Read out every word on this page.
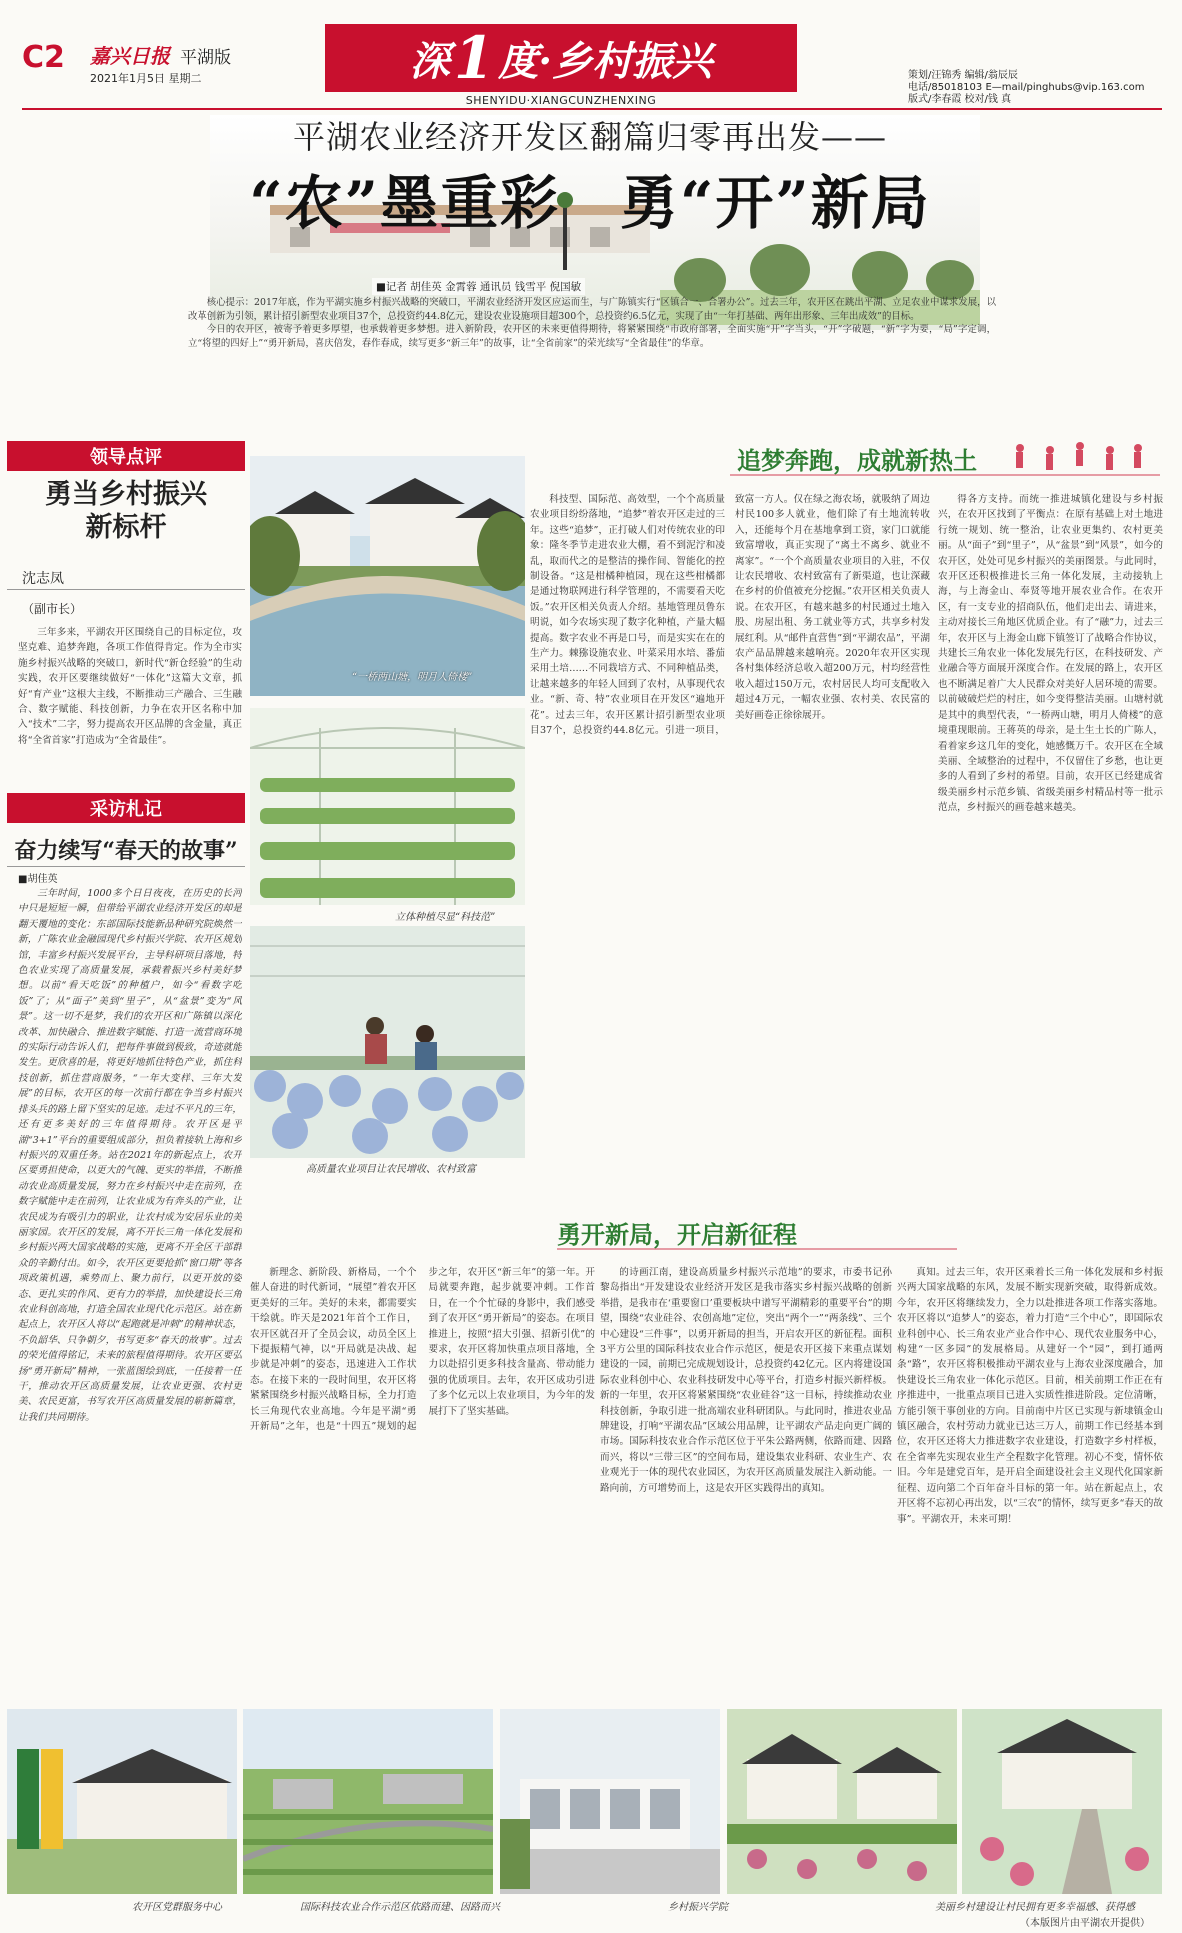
C2 嘉兴日报 平湖版
2021年1月5日 星期二	深 1 度·乡村振兴
SHENYIDU·XIANGCUNZHENXING
策划/汪锦秀 编辑/翁辰辰
电话/85018103 E—mail/pinghubs@vip.163.com
版式/李春霞 校对/钱 真
平湖农业经济开发区翻篇归零再出发——
“农”墨重彩　勇“开”新局
■记者 胡佳英 金霄蓉 通讯员 钱雪平 倪国敏

核心提示：2017年底，作为平湖实施乡村振兴战略的突破口，平湖农业经济开发区应运而生，与广陈镇实行“区镇合一、合署办公”。过去三年，农开区在跳出平湖、立足农业中谋求发展，以改革创新为引领，累计招引新型农业项目37个，总投资约44.8亿元，建设农业设施项目超300个，总投资约6.5亿元，实现了由“一年打基础、两年出形象、三年出成效”的目标。

今日的农开区，被寄予着更多厚望，也承载着更多梦想。进入新阶段，农开区的未来更值得期待，将紧紧围绕“市政府部署，全面实施“开”字当头，“开”字破题，“新”字为要，“局”字定调，立“将望的四好上”“勇开新局，喜庆倍发，春作春成，续写更多“新三年”的故事，让“全省前家”的荣光续写“全省最佳”的华章。

领导点评
勇当乡村振兴
新标杆
沈志凤
（副市长）

三年多来，平湖农开区围绕自己的目标定位，攻坚克难、追梦奔跑，各项工作值得肯定。作为全市实施乡村振兴战略的突破口，新时代“新仓经验”的生动实践，农开区要继续做好“一体化”这篇大文章，抓好“育产业”这根大主线，不断推动三产融合、三生融合、数字赋能、科技创新，力争在农开区名称中加入“技术”二字，努力提高农开区品牌的含金量，真正将“全省首家”打造成为“全省最佳”。

采访札记
奋力续写“春天的故事”
■胡佳英

三年时间，1000多个日日夜夜，在历史的长河中只是短短一瞬，但带给平湖农业经济开发区的却是翻天覆地的变化：东部国际技能新品种研究院焕然一新，广陈农业金融园现代乡村振兴学院、农开区规划馆，丰富乡村振兴发展平台，主导科研项目落地，特色农业实现了高质量发展，承载着振兴乡村美好梦想。以前“看天吃饭”的种植户，如今“看数字吃饭”了；从“面子”美到“里子”，从“盆景”变为“风景”。这一切不是梦，我们的农开区和广陈镇以深化改革、加快融合、推进数字赋能、打造一流营商环境的实际行动告诉人们，把每件事做到极致，奇迹就能发生。更欣喜的是，将更好地抓住特色产业，抓住科技创新，抓住营商服务，“一年大变样、三年大发展”的目标，农开区的每一次前行都在争当乡村振兴排头兵的路上留下坚实的足迹。走过不平凡的三年，还有更多美好的三年值得期待。农开区是平湖“3+1”平台的重要组成部分，担负着接轨上海和乡村振兴的双重任务。站在2021年的新起点上，农开区要勇担使命，以更大的气魄、更实的举措，不断推动农业高质量发展，努力在乡村振兴中走在前列，在数字赋能中走在前列，让农业成为有奔头的产业，让农民成为有吸引力的职业，让农村成为安居乐业的美丽家园。农开区的发展，离不开长三角一体化发展和乡村振兴两大国家战略的实施，更离不开全区干部群众的辛勤付出。如今，农开区更要抢抓“窗口期”等各项政策机遇，乘势而上、聚力前行，以更开放的姿态、更扎实的作风、更有力的举措，加快建设长三角农业科创高地，打造全国农业现代化示范区。站在新起点上，农开区人将以“起跑就是冲刺”的精神状态，不负韶华、只争朝夕，书写更多“春天的故事”。过去的荣光值得铭记，未来的旅程值得期待。农开区要弘扬“勇开新局”精神，一张蓝图绘到底，一任接着一任干，推动农开区高质量发展，让农业更强、农村更美、农民更富，书写农开区高质量发展的崭新篇章，让我们共同期待。

“一桥两山塘，明月人倚楼”
立体种植尽显“科技范”
高质量农业项目让农民增收、农村致富
追梦奔跑，成就新热土

科技型、国际范、高效型，一个个高质量农业项目纷纷落地，“追梦”着农开区走过的三年。这些“追梦”，正打破人们对传统农业的印象：隆冬季节走进农业大棚，看不到泥泞和凌乱，取而代之的是整洁的操作间、智能化的控制设备。“这是柑橘种植园，现在这些柑橘都是通过物联网进行科学管理的，不需要看天吃饭。”农开区相关负责人介绍。基地管理员鲁东明说，如今农场实现了数字化种植，产量大幅提高。数字农业不再是口号，而是实实在在的生产力。棘猕设施农业、叶菜采用水培、番茄采用土培……不同栽培方式、不同种植品类，让越来越多的年轻人回到了农村，从事现代农业。“新、奇、特”农业项目在开发区“遍地开花”。过去三年，农开区累计招引新型农业项目37个，总投资约44.8亿元。引进一项目，致富一方人。仅在绿之海农场，就吸纳了周边村民100多人就业，他们除了有土地流转收入，还能每个月在基地拿到工资，家门口就能致富增收，真正实现了“离土不离乡、就业不离家”。“一个个高质量农业项目的入驻，不仅让农民增收、农村致富有了新渠道，也让深藏在乡村的价值被充分挖掘。”农开区相关负责人说。在农开区，有越来越多的村民通过土地入股、房屋出租、务工就业等方式，共享乡村发展红利。从“邮件直营售”到“平湖农品”，平湖农产品品牌越来越响亮。2020年农开区实现各村集体经济总收入超200万元，村均经营性收入超过150万元，农村居民人均可支配收入超过4万元，一幅农业强、农村美、农民富的美好画卷正徐徐展开。

得各方支持。而统一推进城镇化建设与乡村振兴，在农开区找到了平衡点：在原有基础上对土地进行统一规划、统一整治，让农业更集约、农村更美丽。从“面子”到“里子”，从“盆景”到“风景”，如今的农开区，处处可见乡村振兴的美丽图景。与此同时，农开区还积极推进长三角一体化发展，主动接轨上海，与上海金山、奉贤等地开展农业合作。在农开区，有一支专业的招商队伍，他们走出去、请进来，主动对接长三角地区优质企业。有了“融”力，过去三年，农开区与上海金山廊下镇签订了战略合作协议，共建长三角农业一体化发展先行区，在科技研发、产业融合等方面展开深度合作。在发展的路上，农开区也不断满足着广大人民群众对美好人居环境的需要。以前破破烂烂的村庄，如今变得整洁美丽。山塘村就是其中的典型代表，“一桥两山塘，明月人倚楼”的意境重现眼前。王蒋英的母亲，是土生土长的广陈人，看着家乡这几年的变化，她感慨万千。农开区在全域美丽、全域整治的过程中，不仅留住了乡愁，也让更多的人看到了乡村的希望。目前，农开区已经建成省级美丽乡村示范乡镇、省级美丽乡村精品村等一批示范点，乡村振兴的画卷越来越美。

勇开新局，开启新征程

新理念、新阶段、新格局，一个个催人奋进的时代新词，“展望”着农开区更美好的三年。美好的未来，都需要实干绘就。昨天是2021年首个工作日，农开区就召开了全员会议，动员全区上下提振精气神，以“开局就是决战、起步就是冲刺”的姿态，迅速进入工作状态。在接下来的一段时间里，农开区将紧紧围绕乡村振兴战略目标，全力打造长三角现代农业高地。今年是平湖“勇开新局”之年，也是“十四五”规划的起步之年，农开区“新三年”的第一年。开局就要奔跑，起步就要冲刺。工作首日，在一个个忙碌的身影中，我们感受到了农开区“勇开新局”的姿态。在项目推进上，按照“招大引强、招新引优”的要求，农开区将加快重点项目落地，全力以赴招引更多科技含量高、带动能力强的优质项目。去年，农开区成功引进了多个亿元以上农业项目，为今年的发展打下了坚实基础。

的诗画江南，建设高质量乡村振兴示范地”的要求，市委书记孙黎岛指出“开发建设农业经济开发区是我市落实乡村振兴战略的创新举措，是我市在‘重要窗口’重要板块中谱写平湖精彩的重要平台”的期望，围绕“农业硅谷、农创高地”定位，突出“两个一”“两条线”、三个中心建设“三件事”，以勇开新局的担当，开启农开区的新征程。面积3平方公里的国际科技农业合作示范区，便是农开区接下来重点谋划建设的一园，前期已完成规划设计，总投资约42亿元。区内将建设国际农业科创中心、农业科技研发中心等平台，打造乡村振兴新样板。新的一年里，农开区将紧紧围绕“农业硅谷”这一目标，持续推动农业科技创新，争取引进一批高端农业科研团队。与此同时，推进农业品牌建设，打响“平湖农品”区域公用品牌，让平湖农产品走向更广阔的市场。国际科技农业合作示范区位于平朱公路两侧，依路而建、因路而兴，将以“三带三区”的空间布局，建设集农业科研、农业生产、农业观光于一体的现代农业园区，为农开区高质量发展注入新动能。一路向前，方可增势而上，这是农开区实践得出的真知。

真知。过去三年，农开区乘着长三角一体化发展和乡村振兴两大国家战略的东风，发展不断实现新突破，取得新成效。今年，农开区将继续发力，全力以赴推进各项工作落实落地。农开区将以“追梦人”的姿态，着力打造“三个中心”，即国际农业科创中心、长三角农业产业合作中心、现代农业服务中心，构建“一区多园”的发展格局。从建好一个“园”，到打通两条“路”，农开区将积极推动平湖农业与上海农业深度融合，加快建设长三角农业一体化示范区。目前，相关前期工作正在有序推进中，一批重点项目已进入实质性推进阶段。定位清晰，方能引领干事创业的方向。目前南中片区已实现与新埭镇金山镇区融合，农村劳动力就业已达三万人，前期工作已经基本到位，农开区还将大力推进数字农业建设，打造数字乡村样板，在全省率先实现农业生产全程数字化管理。初心不变，情怀依旧。今年是建党百年，是开启全面建设社会主义现代化国家新征程、迈向第二个百年奋斗目标的第一年。站在新起点上，农开区将不忘初心再出发，以“三农”的情怀，续写更多“春天的故事”。平湖农开，未来可期！

农开区党群服务中心	国际科技农业合作示范区依路而建、因路而兴	乡村振兴学院	美丽乡村建设让村民拥有更多幸福感、获得感
（本版图片由平湖农开提供）
